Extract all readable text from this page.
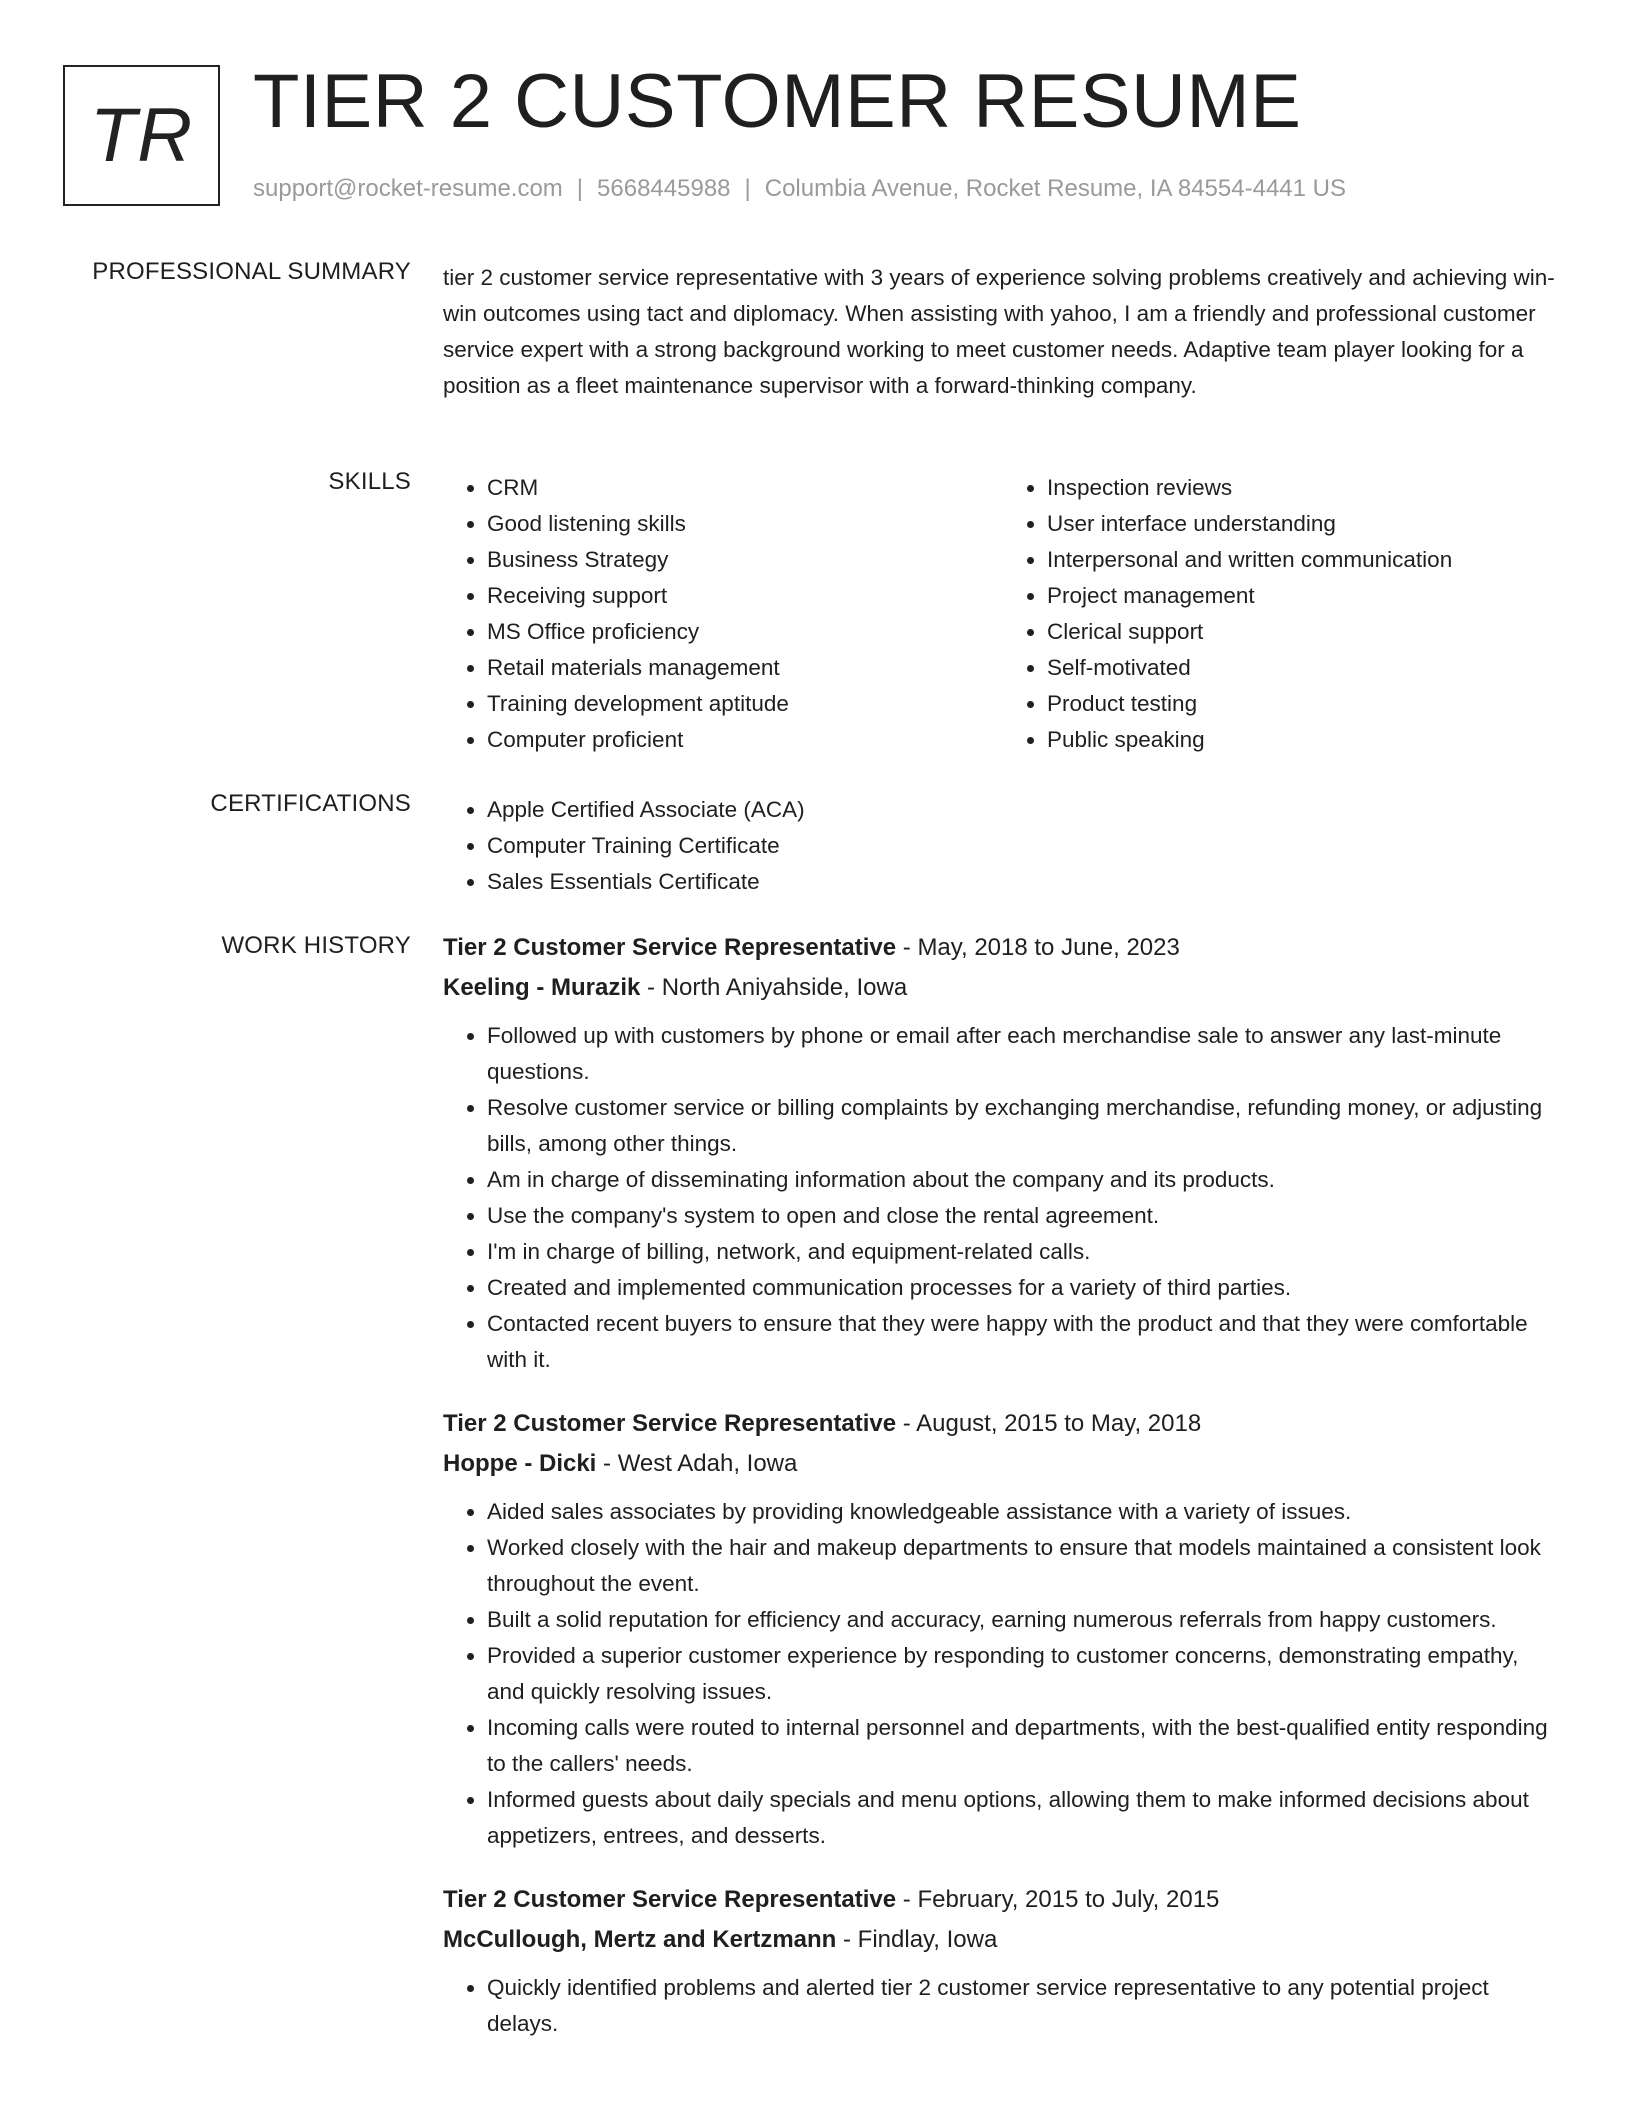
TR TIER 2 CUSTOMER RESUME
support@rocket-resume.com | 5668445988 | Columbia Avenue, Rocket Resume, IA 84554-4441 US
PROFESSIONAL SUMMARY tier 2 customer service representative with 3 years of experience solving problems creatively and achieving win-win outcomes using tact and diplomacy. When assisting with yahoo, I am a friendly and professional customer service expert with a strong background working to meet customer needs. Adaptive team player looking for a position as a fleet maintenance supervisor with a forward-thinking company.
SKILLS	• CRM
• Good listening skills
• Business Strategy
• Receiving support
• MS Office proficiency
• Retail materials management
• Training development aptitude
• Computer proficient
• Inspection reviews
• User interface understanding
• Interpersonal and written communication
• Project management
• Clerical support
• Self-motivated
• Product testing
• Public speaking
CERTIFICATIONS	• Apple Certified Associate (ACA)
• Computer Training Certificate
• Sales Essentials Certificate
WORK HISTORY Tier 2 Customer Service Representative - May, 2018 to June, 2023
Keeling - Murazik - North Aniyahside, Iowa
• Followed up with customers by phone or email after each merchandise sale to answer any last-minute questions.
• Resolve customer service or billing complaints by exchanging merchandise, refunding money, or adjusting bills, among other things.
• Am in charge of disseminating information about the company and its products.
• Use the company's system to open and close the rental agreement.
• I'm in charge of billing, network, and equipment-related calls.
• Created and implemented communication processes for a variety of third parties.
• Contacted recent buyers to ensure that they were happy with the product and that they were comfortable with it.
Tier 2 Customer Service Representative - August, 2015 to May, 2018
Hoppe - Dicki - West Adah, Iowa
• Aided sales associates by providing knowledgeable assistance with a variety of issues.
• Worked closely with the hair and makeup departments to ensure that models maintained a consistent look throughout the event.
• Built a solid reputation for efficiency and accuracy, earning numerous referrals from happy customers.
• Provided a superior customer experience by responding to customer concerns, demonstrating empathy, and quickly resolving issues.
• Incoming calls were routed to internal personnel and departments, with the best-qualified entity responding to the callers' needs.
• Informed guests about daily specials and menu options, allowing them to make informed decisions about appetizers, entrees, and desserts.
Tier 2 Customer Service Representative - February, 2015 to July, 2015
McCullough, Mertz and Kertzmann - Findlay, Iowa
• Quickly identified problems and alerted tier 2 customer service representative to any potential project delays.
